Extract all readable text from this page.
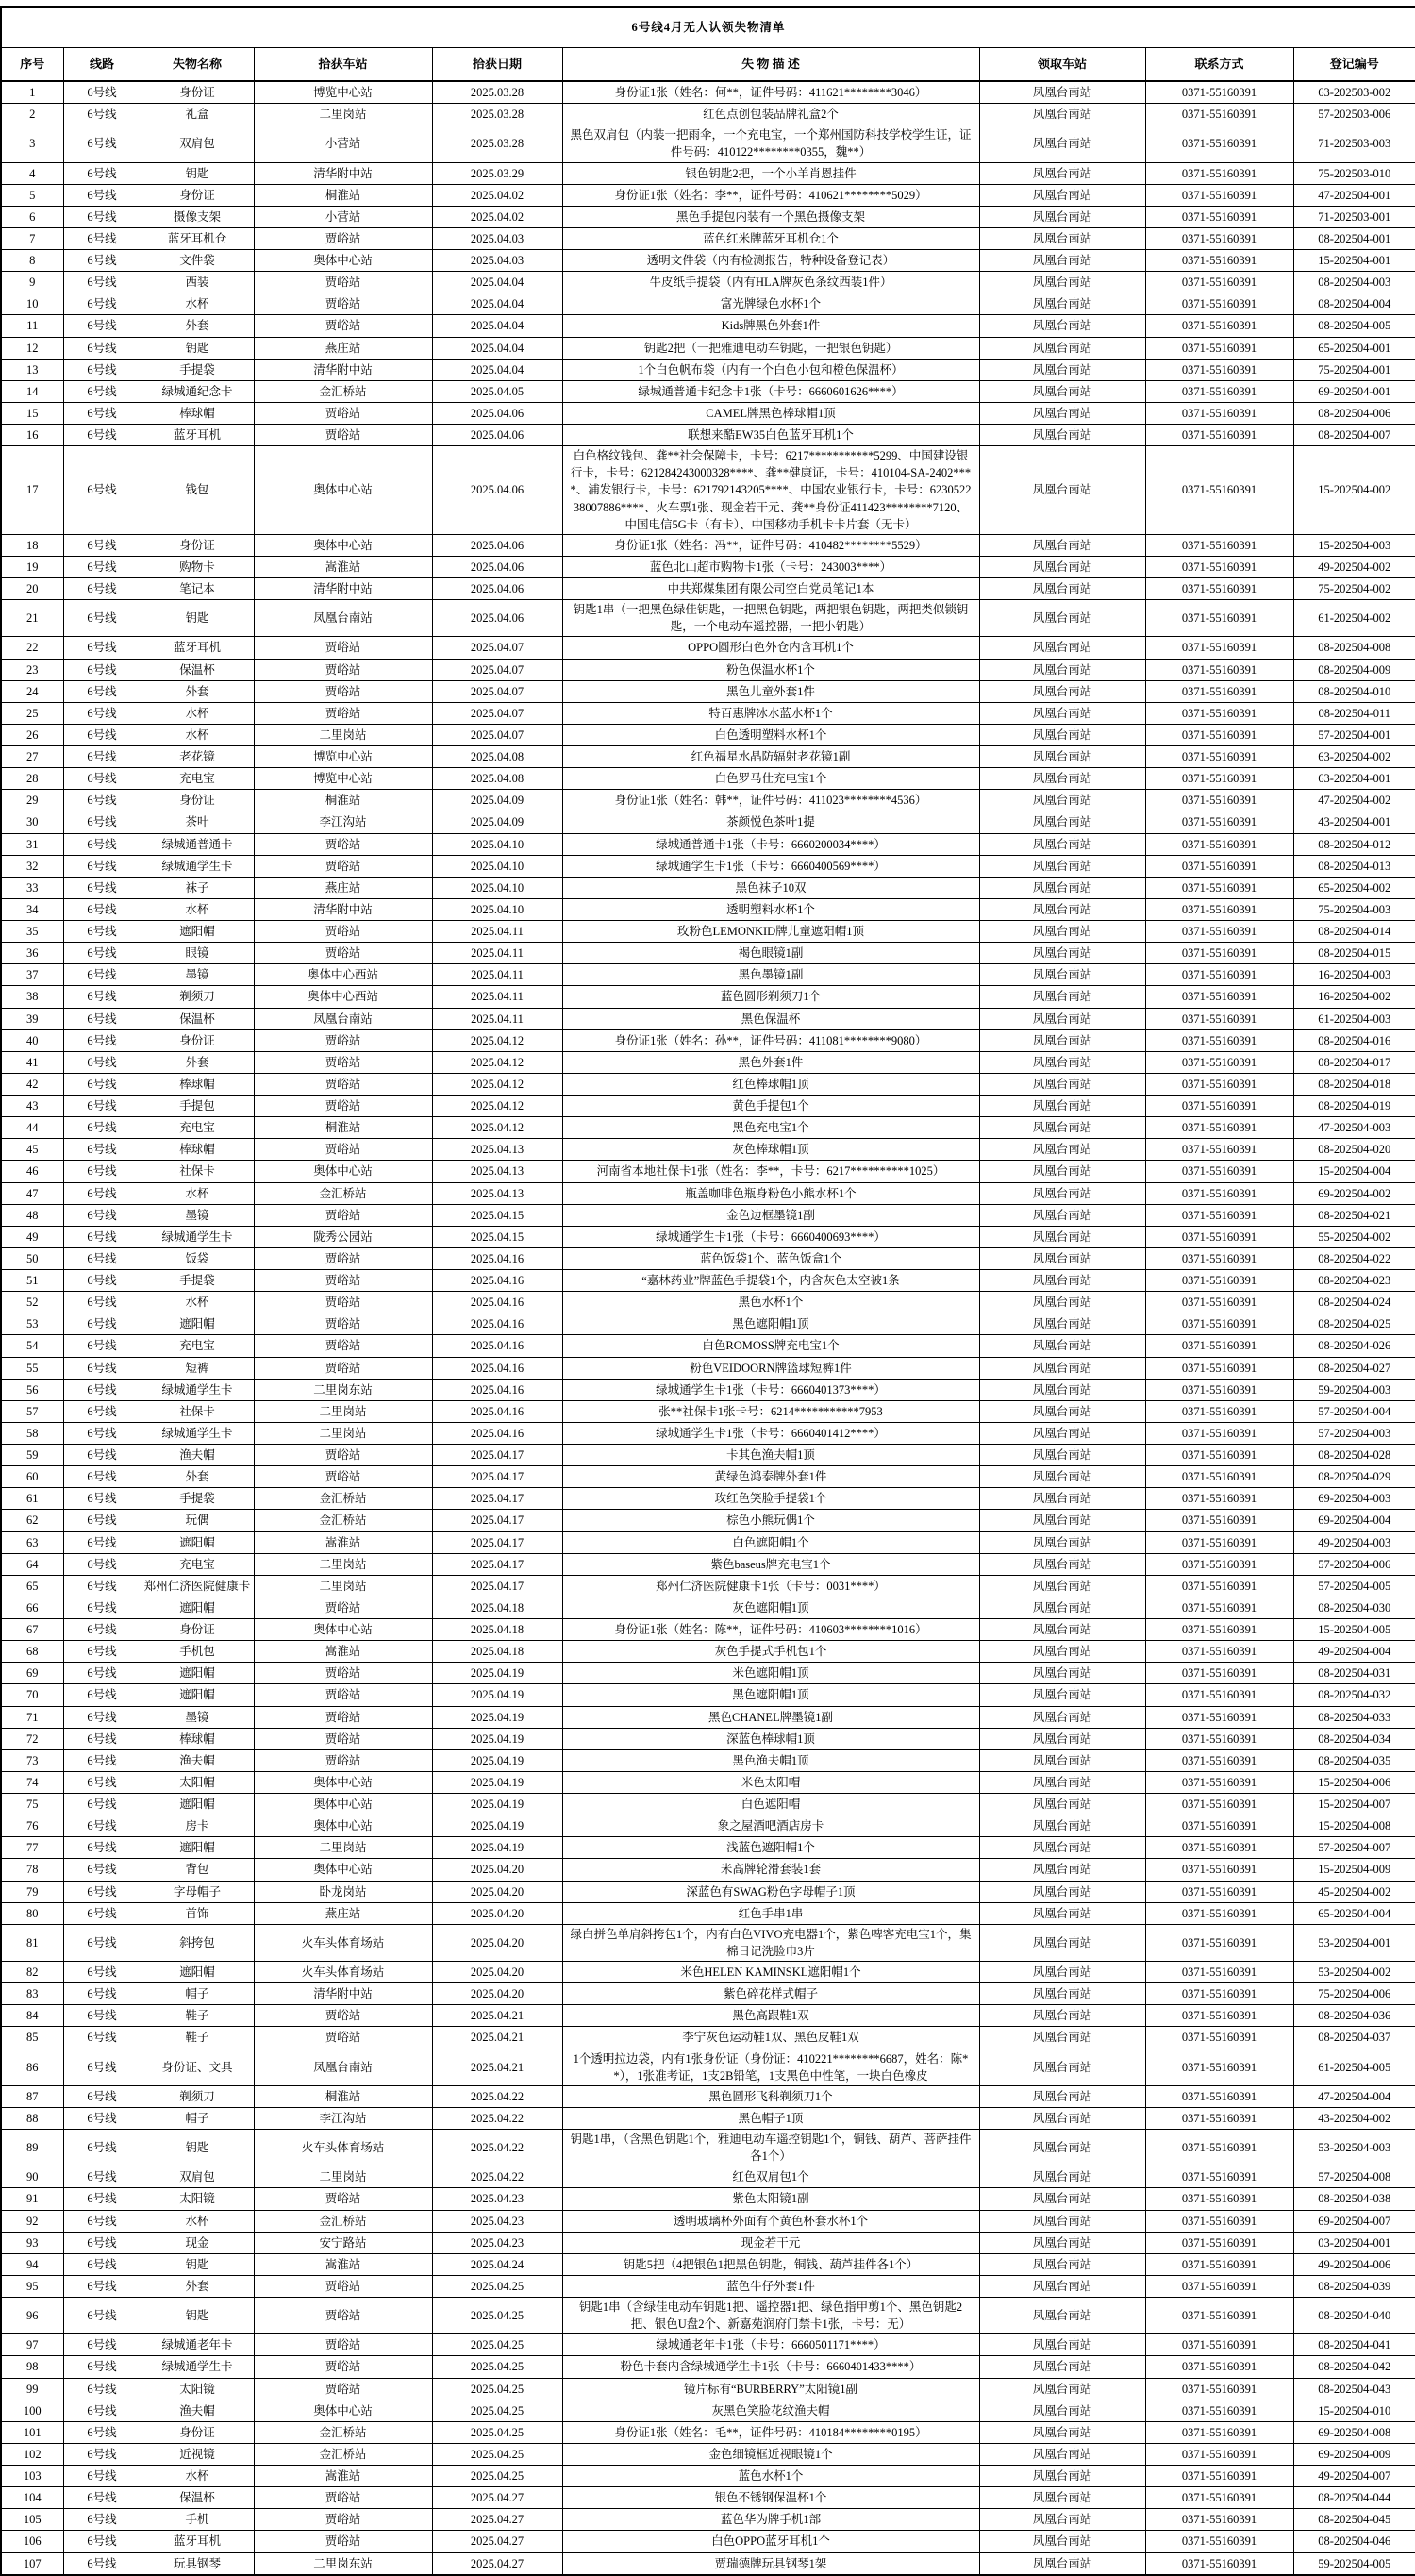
6号线4月无人认领失物清单								
序号	线路	失物名称	拾获车站	拾获日期	失 物 描 述	领取车站	联系方式	登记编号
1	6号线	身份证	博览中心站	2025.03.28	身份证1张（姓名：何**，证件号码：411621********3046）	凤凰台南站	0371-55160391	63-202503-002
2	6号线	礼盒	二里岗站	2025.03.28	红色点创包装品牌礼盒2个	凤凰台南站	0371-55160391	57-202503-006
3	6号线	双肩包	小营站	2025.03.28	黑色双肩包（内装一把雨伞，一个充电宝，一个郑州国防科技学校学生证，证件号码：410122********0355，魏**）	凤凰台南站	0371-55160391	71-202503-003
4	6号线	钥匙	清华附中站	2025.03.29	银色钥匙2把，一个小羊肖恩挂件	凤凰台南站	0371-55160391	75-202503-010
5	6号线	身份证	桐淮站	2025.04.02	身份证1张（姓名：李**，证件号码：410621********5029）	凤凰台南站	0371-55160391	47-202504-001
6	6号线	摄像支架	小营站	2025.04.02	黑色手提包内装有一个黑色摄像支架	凤凰台南站	0371-55160391	71-202503-001
7	6号线	蓝牙耳机仓	贾峪站	2025.04.03	蓝色红米牌蓝牙耳机仓1个	凤凰台南站	0371-55160391	08-202504-001
8	6号线	文件袋	奥体中心站	2025.04.03	透明文件袋（内有检测报告，特种设备登记表）	凤凰台南站	0371-55160391	15-202504-001
9	6号线	西装	贾峪站	2025.04.04	牛皮纸手提袋（内有HLA牌灰色条纹西装1件）	凤凰台南站	0371-55160391	08-202504-003
10	6号线	水杯	贾峪站	2025.04.04	富光牌绿色水杯1个	凤凰台南站	0371-55160391	08-202504-004
11	6号线	外套	贾峪站	2025.04.04	Kids牌黑色外套1件	凤凰台南站	0371-55160391	08-202504-005
12	6号线	钥匙	燕庄站	2025.04.04	钥匙2把（一把雅迪电动车钥匙，一把银色钥匙）	凤凰台南站	0371-55160391	65-202504-001
13	6号线	手提袋	清华附中站	2025.04.04	1个白色帆布袋（内有一个白色小包和橙色保温杯）	凤凰台南站	0371-55160391	75-202504-001
14	6号线	绿城通纪念卡	金汇桥站	2025.04.05	绿城通普通卡纪念卡1张（卡号：6660601626****）	凤凰台南站	0371-55160391	69-202504-001
15	6号线	棒球帽	贾峪站	2025.04.06	CAMEL牌黑色棒球帽1顶	凤凰台南站	0371-55160391	08-202504-006
16	6号线	蓝牙耳机	贾峪站	2025.04.06	联想来酷EW35白色蓝牙耳机1个	凤凰台南站	0371-55160391	08-202504-007
17	6号线	钱包	奥体中心站	2025.04.06	白色格纹钱包、龚**社会保障卡，卡号：6217***********5299、中国建设银行卡，卡号：621284243000328****、龚**健康证，卡号：410104-SA-2402****、浦发银行卡，卡号：621792143205****、中国农业银行卡，卡号：623052238007886****、火车票1张、现金若干元、龚**身份证411423********7120、中国电信5G卡（有卡）、中国移动手机卡卡片套（无卡）	凤凰台南站	0371-55160391	15-202504-002
18	6号线	身份证	奥体中心站	2025.04.06	身份证1张（姓名：冯**，证件号码：410482********5529）	凤凰台南站	0371-55160391	15-202504-003
19	6号线	购物卡	嵩淮站	2025.04.06	蓝色北山超市购物卡1张（卡号：243003****）	凤凰台南站	0371-55160391	49-202504-002
20	6号线	笔记本	清华附中站	2025.04.06	中共郑煤集团有限公司空白党员笔记1本	凤凰台南站	0371-55160391	75-202504-002
21	6号线	钥匙	凤凰台南站	2025.04.06	钥匙1串（一把黑色绿佳钥匙，一把黑色钥匙，两把银色钥匙，两把类似锁钥匙，一个电动车遥控器，一把小钥匙）	凤凰台南站	0371-55160391	61-202504-002
22	6号线	蓝牙耳机	贾峪站	2025.04.07	OPPO圆形白色外仓内含耳机1个	凤凰台南站	0371-55160391	08-202504-008
23	6号线	保温杯	贾峪站	2025.04.07	粉色保温水杯1个	凤凰台南站	0371-55160391	08-202504-009
24	6号线	外套	贾峪站	2025.04.07	黑色儿童外套1件	凤凰台南站	0371-55160391	08-202504-010
25	6号线	水杯	贾峪站	2025.04.07	特百惠牌冰水蓝水杯1个	凤凰台南站	0371-55160391	08-202504-011
26	6号线	水杯	二里岗站	2025.04.07	白色透明塑料水杯1个	凤凰台南站	0371-55160391	57-202504-001
27	6号线	老花镜	博览中心站	2025.04.08	红色福星水晶防辐射老花镜1副	凤凰台南站	0371-55160391	63-202504-002
28	6号线	充电宝	博览中心站	2025.04.08	白色罗马仕充电宝1个	凤凰台南站	0371-55160391	63-202504-001
29	6号线	身份证	桐淮站	2025.04.09	身份证1张（姓名：韩**，证件号码：411023********4536）	凤凰台南站	0371-55160391	47-202504-002
30	6号线	茶叶	李江沟站	2025.04.09	茶颜悦色茶叶1提	凤凰台南站	0371-55160391	43-202504-001
31	6号线	绿城通普通卡	贾峪站	2025.04.10	绿城通普通卡1张（卡号：6660200034****）	凤凰台南站	0371-55160391	08-202504-012
32	6号线	绿城通学生卡	贾峪站	2025.04.10	绿城通学生卡1张（卡号：6660400569****）	凤凰台南站	0371-55160391	08-202504-013
33	6号线	袜子	燕庄站	2025.04.10	黑色袜子10双	凤凰台南站	0371-55160391	65-202504-002
34	6号线	水杯	清华附中站	2025.04.10	透明塑料水杯1个	凤凰台南站	0371-55160391	75-202504-003
35	6号线	遮阳帽	贾峪站	2025.04.11	玫粉色LEMONKID牌儿童遮阳帽1顶	凤凰台南站	0371-55160391	08-202504-014
36	6号线	眼镜	贾峪站	2025.04.11	褐色眼镜1副	凤凰台南站	0371-55160391	08-202504-015
37	6号线	墨镜	奥体中心西站	2025.04.11	黑色墨镜1副	凤凰台南站	0371-55160391	16-202504-003
38	6号线	剃须刀	奥体中心西站	2025.04.11	蓝色圆形剃须刀1个	凤凰台南站	0371-55160391	16-202504-002
39	6号线	保温杯	凤凰台南站	2025.04.11	黑色保温杯	凤凰台南站	0371-55160391	61-202504-003
40	6号线	身份证	贾峪站	2025.04.12	身份证1张（姓名：孙**，证件号码：411081********9080）	凤凰台南站	0371-55160391	08-202504-016
41	6号线	外套	贾峪站	2025.04.12	黑色外套1件	凤凰台南站	0371-55160391	08-202504-017
42	6号线	棒球帽	贾峪站	2025.04.12	红色棒球帽1顶	凤凰台南站	0371-55160391	08-202504-018
43	6号线	手提包	贾峪站	2025.04.12	黄色手提包1个	凤凰台南站	0371-55160391	08-202504-019
44	6号线	充电宝	桐淮站	2025.04.12	黑色充电宝1个	凤凰台南站	0371-55160391	47-202504-003
45	6号线	棒球帽	贾峪站	2025.04.13	灰色棒球帽1顶	凤凰台南站	0371-55160391	08-202504-020
46	6号线	社保卡	奥体中心站	2025.04.13	河南省本地社保卡1张（姓名：李**，卡号：6217**********1025）	凤凰台南站	0371-55160391	15-202504-004
47	6号线	水杯	金汇桥站	2025.04.13	瓶盖咖啡色瓶身粉色小熊水杯1个	凤凰台南站	0371-55160391	69-202504-002
48	6号线	墨镜	贾峪站	2025.04.15	金色边框墨镜1副	凤凰台南站	0371-55160391	08-202504-021
49	6号线	绿城通学生卡	陇秀公园站	2025.04.15	绿城通学生卡1张（卡号：6660400693****）	凤凰台南站	0371-55160391	55-202504-002
50	6号线	饭袋	贾峪站	2025.04.16	蓝色饭袋1个、蓝色饭盒1个	凤凰台南站	0371-55160391	08-202504-022
51	6号线	手提袋	贾峪站	2025.04.16	“嘉林药业”牌蓝色手提袋1个，内含灰色太空被1条	凤凰台南站	0371-55160391	08-202504-023
52	6号线	水杯	贾峪站	2025.04.16	黑色水杯1个	凤凰台南站	0371-55160391	08-202504-024
53	6号线	遮阳帽	贾峪站	2025.04.16	黑色遮阳帽1顶	凤凰台南站	0371-55160391	08-202504-025
54	6号线	充电宝	贾峪站	2025.04.16	白色ROMOSS牌充电宝1个	凤凰台南站	0371-55160391	08-202504-026
55	6号线	短裤	贾峪站	2025.04.16	粉色VEIDOORN牌篮球短裤1件	凤凰台南站	0371-55160391	08-202504-027
56	6号线	绿城通学生卡	二里岗东站	2025.04.16	绿城通学生卡1张（卡号：6660401373****）	凤凰台南站	0371-55160391	59-202504-003
57	6号线	社保卡	二里岗站	2025.04.16	张**社保卡1张卡号：6214***********7953	凤凰台南站	0371-55160391	57-202504-004
58	6号线	绿城通学生卡	二里岗站	2025.04.16	绿城通学生卡1张（卡号：6660401412****）	凤凰台南站	0371-55160391	57-202504-003
59	6号线	渔夫帽	贾峪站	2025.04.17	卡其色渔夫帽1顶	凤凰台南站	0371-55160391	08-202504-028
60	6号线	外套	贾峪站	2025.04.17	黄绿色鸿泰牌外套1件	凤凰台南站	0371-55160391	08-202504-029
61	6号线	手提袋	金汇桥站	2025.04.17	玫红色笑脸手提袋1个	凤凰台南站	0371-55160391	69-202504-003
62	6号线	玩偶	金汇桥站	2025.04.17	棕色小熊玩偶1个	凤凰台南站	0371-55160391	69-202504-004
63	6号线	遮阳帽	嵩淮站	2025.04.17	白色遮阳帽1个	凤凰台南站	0371-55160391	49-202504-003
64	6号线	充电宝	二里岗站	2025.04.17	紫色baseus牌充电宝1个	凤凰台南站	0371-55160391	57-202504-006
65	6号线	郑州仁济医院健康卡	二里岗站	2025.04.17	郑州仁济医院健康卡1张（卡号：0031****）	凤凰台南站	0371-55160391	57-202504-005
66	6号线	遮阳帽	贾峪站	2025.04.18	灰色遮阳帽1顶	凤凰台南站	0371-55160391	08-202504-030
67	6号线	身份证	奥体中心站	2025.04.18	身份证1张（姓名：陈**，证件号码：410603********1016）	凤凰台南站	0371-55160391	15-202504-005
68	6号线	手机包	嵩淮站	2025.04.18	灰色手提式手机包1个	凤凰台南站	0371-55160391	49-202504-004
69	6号线	遮阳帽	贾峪站	2025.04.19	米色遮阳帽1顶	凤凰台南站	0371-55160391	08-202504-031
70	6号线	遮阳帽	贾峪站	2025.04.19	黑色遮阳帽1顶	凤凰台南站	0371-55160391	08-202504-032
71	6号线	墨镜	贾峪站	2025.04.19	黑色CHANEL牌墨镜1副	凤凰台南站	0371-55160391	08-202504-033
72	6号线	棒球帽	贾峪站	2025.04.19	深蓝色棒球帽1顶	凤凰台南站	0371-55160391	08-202504-034
73	6号线	渔夫帽	贾峪站	2025.04.19	黑色渔夫帽1顶	凤凰台南站	0371-55160391	08-202504-035
74	6号线	太阳帽	奥体中心站	2025.04.19	米色太阳帽	凤凰台南站	0371-55160391	15-202504-006
75	6号线	遮阳帽	奥体中心站	2025.04.19	白色遮阳帽	凤凰台南站	0371-55160391	15-202504-007
76	6号线	房卡	奥体中心站	2025.04.19	象之屋酒吧酒店房卡	凤凰台南站	0371-55160391	15-202504-008
77	6号线	遮阳帽	二里岗站	2025.04.19	浅蓝色遮阳帽1个	凤凰台南站	0371-55160391	57-202504-007
78	6号线	背包	奥体中心站	2025.04.20	米高牌轮滑套装1套	凤凰台南站	0371-55160391	15-202504-009
79	6号线	字母帽子	卧龙岗站	2025.04.20	深蓝色有SWAG粉色字母帽子1顶	凤凰台南站	0371-55160391	45-202504-002
80	6号线	首饰	燕庄站	2025.04.20	红色手串1串	凤凰台南站	0371-55160391	65-202504-004
81	6号线	斜挎包	火车头体育场站	2025.04.20	绿白拼色单肩斜挎包1个，内有白色VIVO充电器1个，紫色啤客充电宝1个，集棉日记洗脸巾3片	凤凰台南站	0371-55160391	53-202504-001
82	6号线	遮阳帽	火车头体育场站	2025.04.20	米色HELEN KAMINSKL遮阳帽1个	凤凰台南站	0371-55160391	53-202504-002
83	6号线	帽子	清华附中站	2025.04.20	紫色碎花样式帽子	凤凰台南站	0371-55160391	75-202504-006
84	6号线	鞋子	贾峪站	2025.04.21	黑色高跟鞋1双	凤凰台南站	0371-55160391	08-202504-036
85	6号线	鞋子	贾峪站	2025.04.21	李宁灰色运动鞋1双、黑色皮鞋1双	凤凰台南站	0371-55160391	08-202504-037
86	6号线	身份证、文具	凤凰台南站	2025.04.21	1个透明拉边袋，内有1张身份证（身份证：410221********6687，姓名：陈**），1张准考证，1支2B铅笔，1支黑色中性笔，一块白色橡皮	凤凰台南站	0371-55160391	61-202504-005
87	6号线	剃须刀	桐淮站	2025.04.22	黑色圆形飞科剃须刀1个	凤凰台南站	0371-55160391	47-202504-004
88	6号线	帽子	李江沟站	2025.04.22	黑色帽子1顶	凤凰台南站	0371-55160391	43-202504-002
89	6号线	钥匙	火车头体育场站	2025.04.22	钥匙1串，（含黑色钥匙1个，雅迪电动车遥控钥匙1个，铜钱、葫芦、菩萨挂件各1个）	凤凰台南站	0371-55160391	53-202504-003
90	6号线	双肩包	二里岗站	2025.04.22	红色双肩包1个	凤凰台南站	0371-55160391	57-202504-008
91	6号线	太阳镜	贾峪站	2025.04.23	紫色太阳镜1副	凤凰台南站	0371-55160391	08-202504-038
92	6号线	水杯	金汇桥站	2025.04.23	透明玻璃杯外面有个黄色杯套水杯1个	凤凰台南站	0371-55160391	69-202504-007
93	6号线	现金	安宁路站	2025.04.23	现金若干元	凤凰台南站	0371-55160391	03-202504-001
94	6号线	钥匙	嵩淮站	2025.04.24	钥匙5把（4把银色1把黑色钥匙，铜钱、葫芦挂件各1个）	凤凰台南站	0371-55160391	49-202504-006
95	6号线	外套	贾峪站	2025.04.25	蓝色牛仔外套1件	凤凰台南站	0371-55160391	08-202504-039
96	6号线	钥匙	贾峪站	2025.04.25	钥匙1串（含绿佳电动车钥匙1把、遥控器1把、绿色指甲剪1个、黑色钥匙2把、银色U盘2个、新嘉苑润府门禁卡1张，卡号：无）	凤凰台南站	0371-55160391	08-202504-040
97	6号线	绿城通老年卡	贾峪站	2025.04.25	绿城通老年卡1张（卡号：6660501171****）	凤凰台南站	0371-55160391	08-202504-041
98	6号线	绿城通学生卡	贾峪站	2025.04.25	粉色卡套内含绿城通学生卡1张（卡号：6660401433****）	凤凰台南站	0371-55160391	08-202504-042
99	6号线	太阳镜	贾峪站	2025.04.25	镜片标有“BURBERRY”太阳镜1副	凤凰台南站	0371-55160391	08-202504-043
100	6号线	渔夫帽	奥体中心站	2025.04.25	灰黑色笑脸花纹渔夫帽	凤凰台南站	0371-55160391	15-202504-010
101	6号线	身份证	金汇桥站	2025.04.25	身份证1张（姓名：毛**，证件号码：410184********0195）	凤凰台南站	0371-55160391	69-202504-008
102	6号线	近视镜	金汇桥站	2025.04.25	金色细镜框近视眼镜1个	凤凰台南站	0371-55160391	69-202504-009
103	6号线	水杯	嵩淮站	2025.04.25	蓝色水杯1个	凤凰台南站	0371-55160391	49-202504-007
104	6号线	保温杯	贾峪站	2025.04.27	银色不锈钢保温杯1个	凤凰台南站	0371-55160391	08-202504-044
105	6号线	手机	贾峪站	2025.04.27	蓝色华为牌手机1部	凤凰台南站	0371-55160391	08-202504-045
106	6号线	蓝牙耳机	贾峪站	2025.04.27	白色OPPO蓝牙耳机1个	凤凰台南站	0371-55160391	08-202504-046
107	6号线	玩具钢琴	二里岗东站	2025.04.27	贾瑞德牌玩具钢琴1架	凤凰台南站	0371-55160391	59-202504-005
